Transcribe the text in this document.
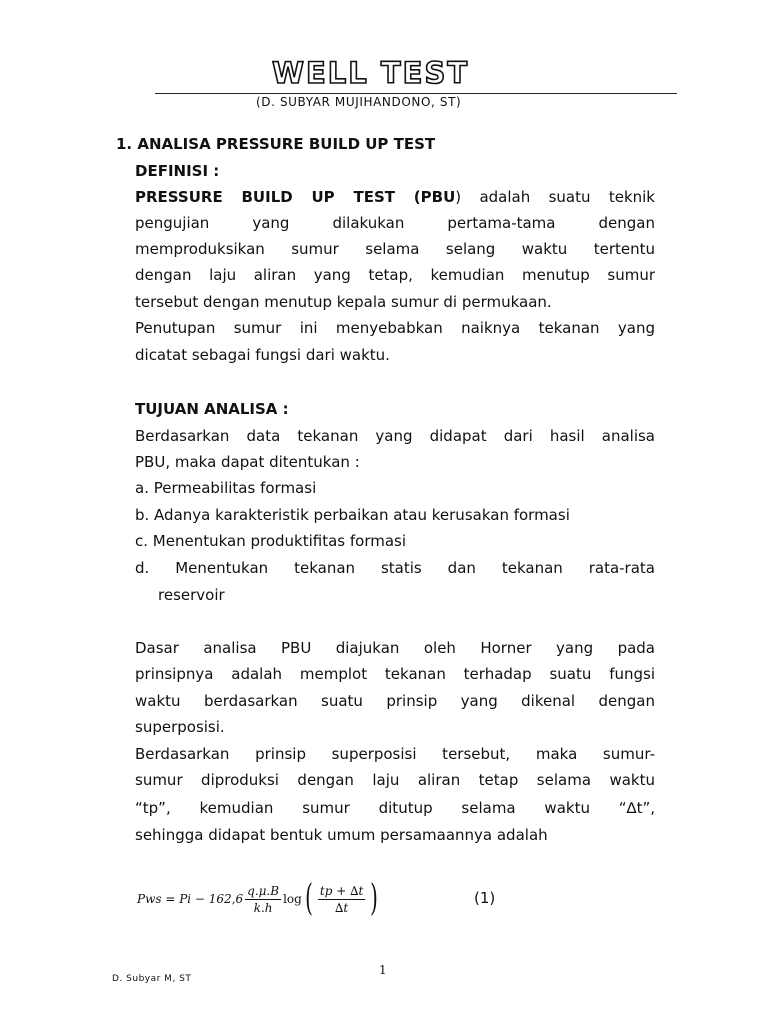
WELL TEST
(D. SUBYAR MUJIHANDONO, ST)
1. ANALISA PRESSURE BUILD UP TEST
DEFINISI :
PRESSURE BUILD UP TEST (PBU) adalah suatu teknik
pengujian yang dilakukan pertama-tama dengan
memproduksikan sumur selama selang waktu tertentu
dengan laju aliran yang tetap, kemudian menutup sumur
tersebut dengan menutup kepala sumur di permukaan.
Penutupan sumur ini menyebabkan naiknya tekanan yang
dicatat sebagai fungsi dari waktu.
TUJUAN ANALISA :
Berdasarkan data tekanan yang didapat dari hasil analisa
PBU, maka dapat ditentukan :
a. Permeabilitas formasi
b. Adanya karakteristik perbaikan atau kerusakan formasi
c. Menentukan produktifitas formasi
d. Menentukan tekanan statis dan tekanan rata-rata
reservoir
Dasar analisa PBU diajukan oleh Horner yang pada
prinsipnya adalah memplot tekanan terhadap suatu fungsi
waktu berdasarkan suatu prinsip yang dikenal dengan
superposisi.
Berdasarkan prinsip superposisi tersebut, maka sumur-
sumur diproduksi dengan laju aliran tetap selama waktu
“tp”, kemudian sumur ditutup selama waktu “∆t”,
sehingga didapat bentuk umum persamaannya adalah
Pws = $Pi - 162,6 \frac{q.\mu.B}{k.h}$ log ( $\frac{tp + \Delta t}{\Delta t}$ )	(1)
1
D. Subyar M, ST
